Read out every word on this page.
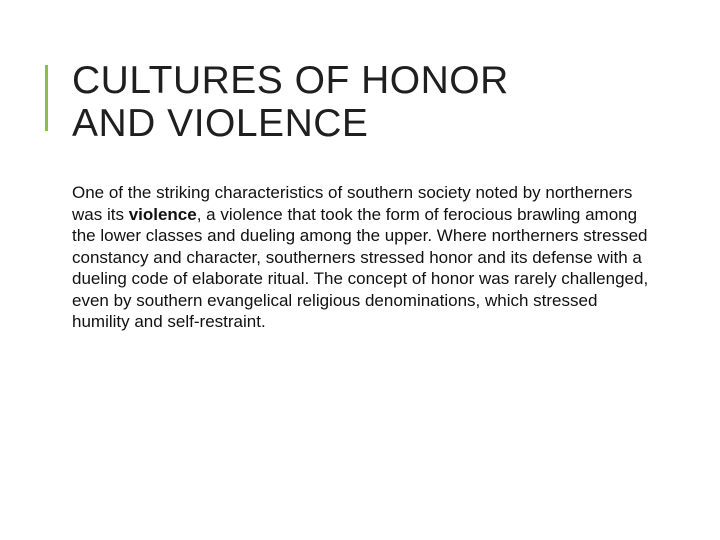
CULTURES OF HONOR
AND VIOLENCE

One of the striking characteristics of southern society noted by northerners was its violence, a violence that took the form of ferocious brawling among the lower classes and dueling among the upper. Where northerners stressed constancy and character, southerners stressed honor and its defense with a dueling code of elaborate ritual. The concept of honor was rarely challenged, even by southern evangelical religious denominations, which stressed humility and self-restraint.
